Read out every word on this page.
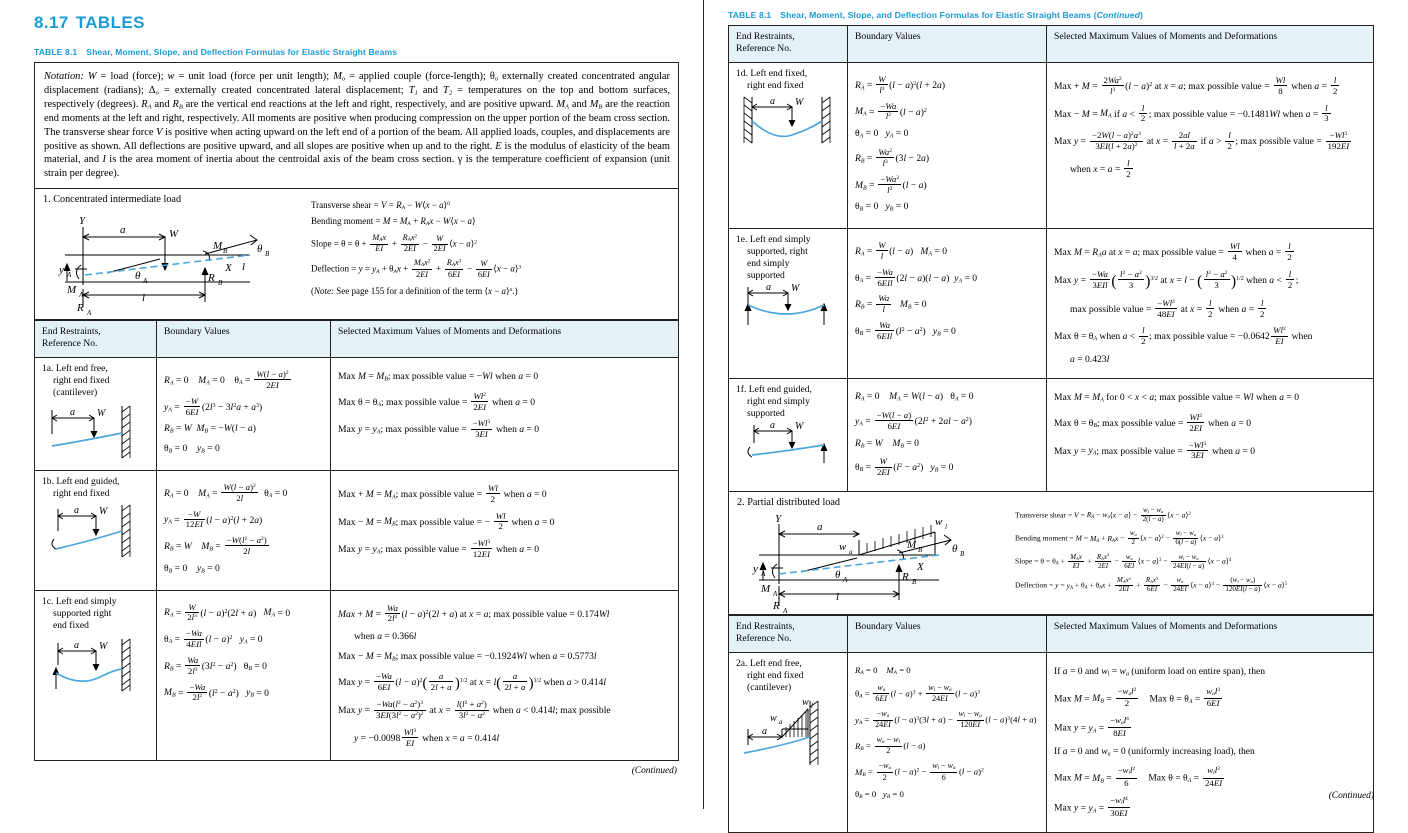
8.17 TABLES
TABLE 8.1 Shear, Moment, Slope, and Deflection Formulas for Elastic Straight Beams
Notation: W = load (force); w = unit load (force per unit length); $M_o$ = applied couple (force-length); $\theta_o$ externally created concentrated angular displacement (radians); $\Delta_o$ = externally created concentrated lateral displacement; $T_1$ and $T_2$ = temperatures on the top and bottom surfaces, respectively (degrees). $R_A$ and $R_B$ are the vertical end reactions at the left and right, respectively, and are positive upward. $M_A$ and $M_B$ are the reaction end moments at the left and right, respectively. All moments are positive when producing compression on the upper portion of the beam cross section. The transverse shear force V is positive when acting upward on the left end of a portion of the beam. All applied loads, couples, and displacements are positive as shown. All deflections are positive upward, and all slopes are positive when up and to the right. E is the modulus of elasticity of the beam material, and I is the area moment of inertia about the centroidal axis of the beam cross section. γ is the temperature coefficient of expansion (unit strain per degree).
1. Concentrated intermediate load
Y
a	W
M B	θ B
X l
y A	θ A	R B
M A
R A
l
Transverse shear = $V = R_A$ − W⟨x − a⟩$^0$
Bending moment = $M = M_A + R_Ax$ − W⟨x − a⟩
Slope = θ = θ +
$M_Ax$
EI
+
$R_Ax^2$
2EI
− $\frac{W}{2EI}$ ⟨x − a⟩$^2$
Deflection = $y = y_A + \theta_Ax$ +
$M_Ax^2$
2EI
+
$R_Ax^3$
6EI
− $\frac{W}{6EI}$ ⟨x − a⟩$^3$
(Note: See page 155 for a definition of the term ⟨x − a⟩$^n$.)
End Restraints,
Reference No.	Boundary Values	Selected Maximum Values of Moments and Deformations
1a. Left end free,
right end fixed
(cantilever)
a W

$R_A = 0$    $M_A = 0$    $\theta_A = \frac{W(l - a)^2}{2EI}$
$y_A = \frac{-W}{6EI} (2l^3 - 3l^2a + a^3)$
$R_B = W$ $M_B = -W(l - a)$
$\theta_B = 0$    $y_B = 0$

Max $M = M_B$; max possible value = −Wl when a = 0
Max $\theta = \theta_A$; max possible value = $\frac{Wl^2}{2EI}$ when a = 0
Max $y = y_A$; max possible value = $\frac{-Wl^3}{3EI}$ when a = 0

1b. Left end guided,
right end fixed
a W

$R_A = 0$    $M_A = \frac{W(l - a)^2}{2l} \theta_A = 0$
$y_A = \frac{-W}{12EI} (l - a)^2(l + 2a)$
$R_B = W$ $M_B = \frac{-W(l^2 - a^2)}{2l}$
$\theta_B = 0$    $y_B = 0$

Max + $M = M_A$; max possible value = $\frac{Wl}{2}$ when a = 0
Max − $M = M_B$; max possible value = − $\frac{Wl}{2}$ when a = 0
Max $y = y_A$; max possible value = $\frac{-Wl^3}{12EI}$ when a = 0

1c. Left end simply
supported right
end fixed
a W

$R_A = \frac{W}{2l^3} (l - a)^2(2l + a) M_A = 0$
$\theta_A$ =
−Wa
4EIl $(l - a)^2$ $y_A = 0$
$R_B = \frac{Wa}{2l^3} (3l^2 - a^2) \theta_B = 0$
$M_B = \frac{-Wa}{2l^2} (l^2 - a^2) y_B = 0$

Max + $M = \frac{Wa}{2l^2} (l - a)^2(2l + a)$ at x = a; max possible value = 0.174Wl
when a = 0.366l
Max − $M = M_B$; max possible value = −0.1924Wl when a = 0.5773l
Max $y = \frac{-Wa}{6EI} (l - a)^2( \frac{a}{2l + a} )^{1/2}$ at $x = l( \frac{a}{2l + a} )^{1/2}$ when a > 0.414l
Max $y = \frac{-Wa(l^2 - a^2)^3}{3EI(3l^2 - a^2)^2}$ at $x = \frac{l(l^2 + a^2)}{3l^2 - a^2}$ when a < 0.414l; max possible
$y = -0.0098 \frac{Wl^3}{EI}$ when x = a = 0.414l
(Continued)
TABLE 8.1 Shear, Moment, Slope, and Deflection Formulas for Elastic Straight Beams (Continued)
End Restraints,
Reference No.	Boundary Values	Selected Maximum Values of Moments and Deformations
1d. Left end fixed,
right end fixed
a W

$R_A = \frac{W}{l^3} (l - a)^2(l + 2a)$
$M_A = \frac{-Wa}{l^2} (l - a)^2$
$\theta_A = 0$   $y_A = 0$
$R_B = \frac{Wa^2}{l^3} (3l - 2a)$
$M_B = \frac{-Wa^2}{l^2} (l - a)$
$\theta_B = 0$   $y_B = 0$

Max + $M = \frac{2Wa^2}{l^3} (l - a)^2$ at x = a; max possible value = $\frac{Wl}{8}$ when $a = \frac{l}{2}$
Max − $M = M_A$ if $a < \frac{l}{2}$ ; max possible value = −0.1481Wl when $a = \frac{l}{3}$
Max $y = \frac{-2W(l - a)^2a^3}{3EI(l + 2a)^2}$ at $x = \frac{2al}{l + 2a}$ if $a > \frac{l}{2}$ ; max possible value = $\frac{-Wl^3}{192EI}$
when $x = a = \frac{l}{2}$

1e. Left end simply
supported, right
end simply
supported
a W

$R_A = \frac{W}{l} (l - a) M_A = 0$
$\theta_A$ =
−Wa
6EIl (2l − a)(l − a)  $y_A = 0$
$R_B = \frac{Wa}{l} M_B = 0$
$\theta_B$ =
Wa
6EIl $(l^2 - a^2) y_B = 0$

Max $M = R_Aa$ at x = a; max possible value = $\frac{Wl}{4}$ when $a = \frac{l}{2}$
Max y =
−Wa
3EIl ( $\frac{l^2 - a^2}{3} )^{3/2}$ at x = l − ( $\frac{l^2 - a^2}{3} )^{1/2}$ when $a < \frac{l}{2}$ ;
max possible value = $\frac{-Wl^3}{48EI}$ at $x = \frac{l}{2}$ when $a = \frac{l}{2}$
Max $\theta = \theta_A$ when $a < \frac{l}{2}$ ; max possible value = $-0.0642 \frac{Wl^2}{EI}$ when
a = 0.423l

1f. Left end guided,
right end simply
supported
a W

$R_A = 0$    $M_A = W(l - a) \theta_A = 0$
$y_A = \frac{-W(l - a)}{6EI} (2l^2 + 2al - a^2)$
$R_B = W$ $M_B = 0$
$\theta_B = \frac{W}{2EI} (l^2 - a^2) y_B = 0$

Max $M = M_A$ for 0 < x < a; max possible value = Wl when a = 0
Max $\theta = \theta_B$; max possible value = $\frac{Wl^2}{2EI}$ when a = 0
Max $y = y_A$; max possible value = $\frac{-Wl^3}{3EI}$ when a = 0
2. Partial distributed load
Y
a	w l
w a
M B	θ B
X
y A	θ A	R B
M A
R A
l
Transverse shear = $V = R_A$ − $w_a⟨x$ − a⟩ − $\frac{w_l - w_a}{2(l - a)}$ ⟨x − a⟩$^2$
Bending moment = $M = M_A + R_Ax - \frac{w_a}{2}$ ⟨x − a⟩$^2$ − $\frac{w_l - w_a}{6(l - a)}$ ⟨x − a⟩$^3$
Slope = $\theta = \theta_A$ +
$M_Ax$
EI +
$R_Ax^2$
$2EI - \frac{w_a}{6EI}$ ⟨x − a⟩$^3$ − $\frac{w_l - w_a}{24EI(l - a)}$ ⟨x − a⟩$^4$
Deflection = $y = y_A + \theta_A + \theta_Ax$ +
$M_Ax^2$
2EI +
$R_Ax^3$
$6EI - \frac{w_a}{24EI}$ ⟨x − a⟩$^4$ − $\frac{(w_l - w_a)}{120EI(l - a)}$ ⟨x − a⟩$^5$
End Restraints,
Reference No.	Boundary Values	Selected Maximum Values of Moments and Deformations
2a. Left end free,
right end fixed
(cantilever)
a
w l
w a

$R_A = 0$    $M_A = 0$
$\theta_A = \frac{w_a}{6EI} (l - a)^3 + \frac{w_l - w_a}{24EI} (l - a)^3$
$y_A = \frac{-w_a}{24EI} (l - a)^3(3l + a) - \frac{w_l - w_a}{120EI} (l - a)^3(4l + a)$
$R_B = \frac{w_a - w_l}{2} (l - a)$
$M_B = \frac{-w_a}{2} (l - a)^2 - \frac{w_l - w_a}{6} (l - a)^2$
$\theta_B = 0$   $y_B = 0$

If a = 0 and $w_l = w_a$ (uniform load on entire span), then
Max $M = M_B$ =
$-w_al^2$
2	Max $\theta = \theta_A$ =
$w_al^3$
6EI
Max $y = y_A$ =
$-w_al^4$
8EI
If a = 0 and $w_a = 0$ (uniformly increasing load), then
Max $M = M_B$ =
$-w_ll^2$
6	Max $\theta = \theta_A$ =
$w_ll^3$
24EI
Max $y = y_A$ =
$-w_ll^4$
30EI
(Continued)
